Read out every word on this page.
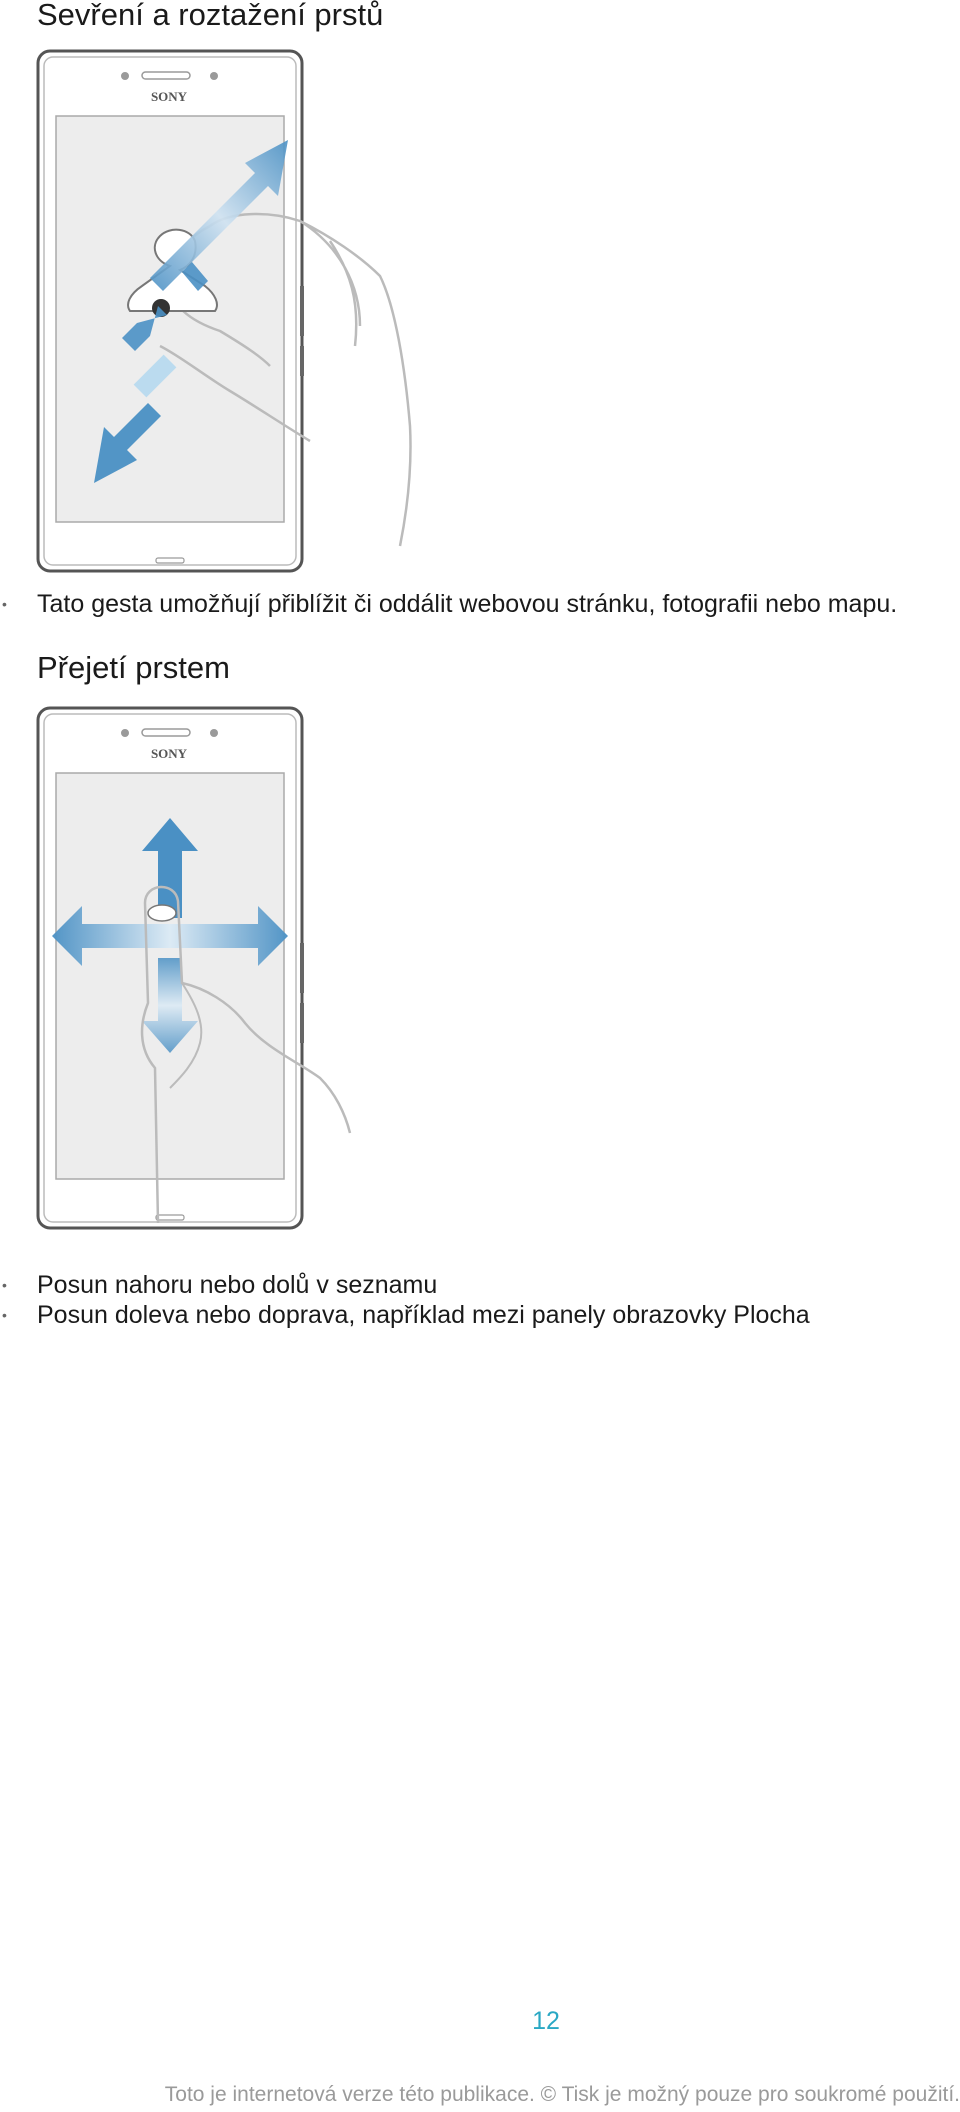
Sevření a roztažení prstů
SONY
• Tato gesta umožňují přiblížit či oddálit webovou stránku, fotografii nebo mapu.
Přejetí prstem
SONY
• Posun nahoru nebo dolů v seznamu
• Posun doleva nebo doprava, například mezi panely obrazovky Plocha
12
Toto je internetová verze této publikace. © Tisk je možný pouze pro soukromé použití.
